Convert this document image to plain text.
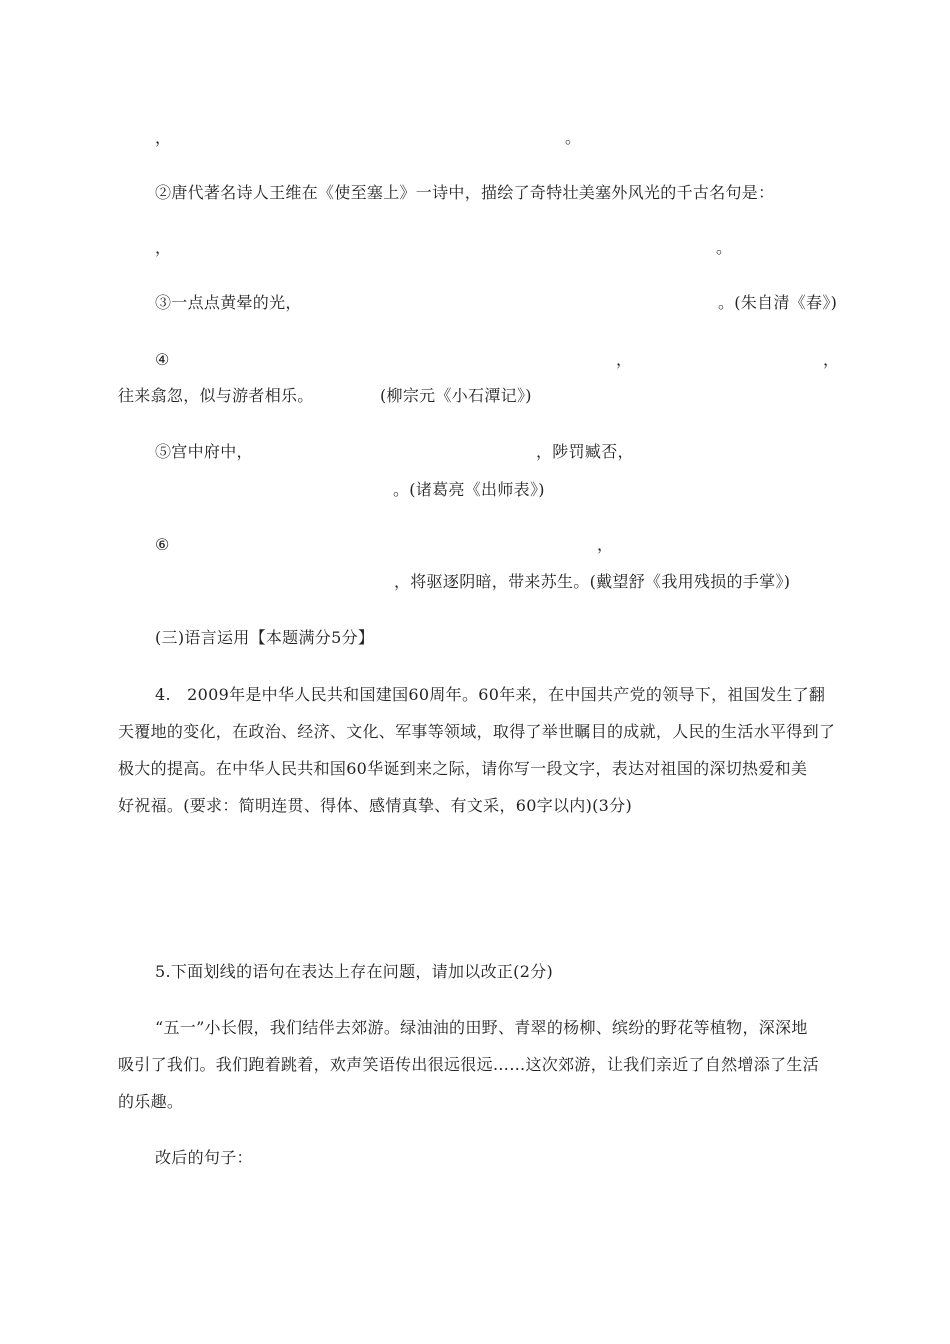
，	。
②唐代著名诗人王维在《使至塞上》一诗中，描绘了奇特壮美塞外风光的千古名句是：
，	。
③一点点黄晕的光，	。(朱自清《春》)
④	，	，
往来翕忽，似与游者相乐。	(柳宗元《小石潭记》)
⑤宫中府中，	，陟罚臧否，
。(诸葛亮《出师表》)
⑥	，
，将驱逐阴暗，带来苏生。(戴望舒《我用残损的手掌》)
(三)语言运用【本题满分5分】
4.　2009年是中华人民共和国建国60周年。60年来，在中国共产党的领导下，祖国发生了翻
天覆地的变化，在政治、经济、文化、军事等领域，取得了举世瞩目的成就，人民的生活水平得到了
极大的提高。在中华人民共和国60华诞到来之际，请你写一段文字，表达对祖国的深切热爱和美
好祝福。(要求：简明连贯、得体、感情真挚、有文采，60字以内)(3分)
5.下面划线的语句在表达上存在问题，请加以改正(2分)
“五一”小长假，我们结伴去郊游。绿油油的田野、青翠的杨柳、缤纷的野花等植物，深深地
吸引了我们。我们跑着跳着，欢声笑语传出很远很远……这次郊游，让我们亲近了自然增添了生活
的乐趣。
改后的句子：
